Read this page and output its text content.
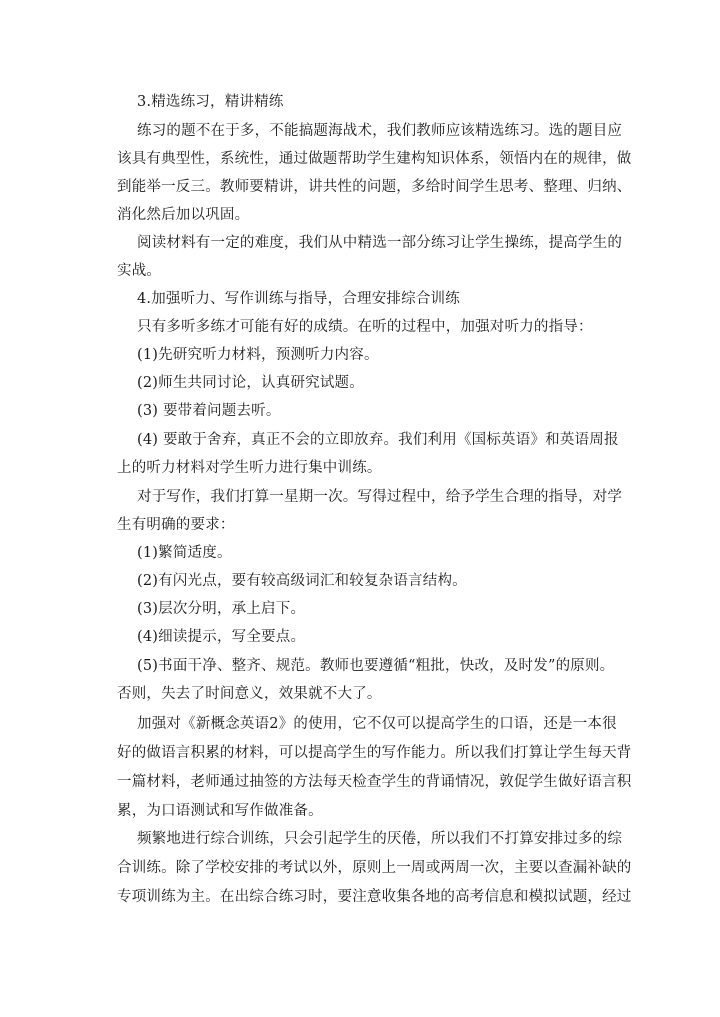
3.精选练习，精讲精练
练习的题不在于多，不能搞题海战术，我们教师应该精选练习。选的题目应
该具有典型性，系统性，通过做题帮助学生建构知识体系，领悟内在的规律，做
到能举一反三。教师要精讲，讲共性的问题，多给时间学生思考、整理、归纳、
消化然后加以巩固。
阅读材料有一定的难度，我们从中精选一部分练习让学生操练，提高学生的
实战。
4.加强听力、写作训练与指导，合理安排综合训练
只有多听多练才可能有好的成绩。在听的过程中，加强对听力的指导：
(1)先研究听力材料，预测听力内容。
(2)师生共同讨论，认真研究试题。
(3) 要带着问题去听。
(4) 要敢于舍弃，真正不会的立即放弃。我们利用《国标英语》和英语周报
上的听力材料对学生听力进行集中训练。
对于写作，我们打算一星期一次。写得过程中，给予学生合理的指导，对学
生有明确的要求：
(1)繁简适度。
(2)有闪光点，要有较高级词汇和较复杂语言结构。
(3)层次分明，承上启下。
(4)细读提示，写全要点。
(5)书面干净、整齐、规范。教师也要遵循“粗批，快改，及时发”的原则。
否则，失去了时间意义，效果就不大了。
加强对《新概念英语2》的使用，它不仅可以提高学生的口语，还是一本很
好的做语言积累的材料，可以提高学生的写作能力。所以我们打算让学生每天背
一篇材料，老师通过抽签的方法每天检查学生的背诵情况，敦促学生做好语言积
累，为口语测试和写作做准备。
频繁地进行综合训练，只会引起学生的厌倦，所以我们不打算安排过多的综
合训练。除了学校安排的考试以外，原则上一周或两周一次，主要以查漏补缺的
专项训练为主。在出综合练习时，要注意收集各地的高考信息和模拟试题，经过
